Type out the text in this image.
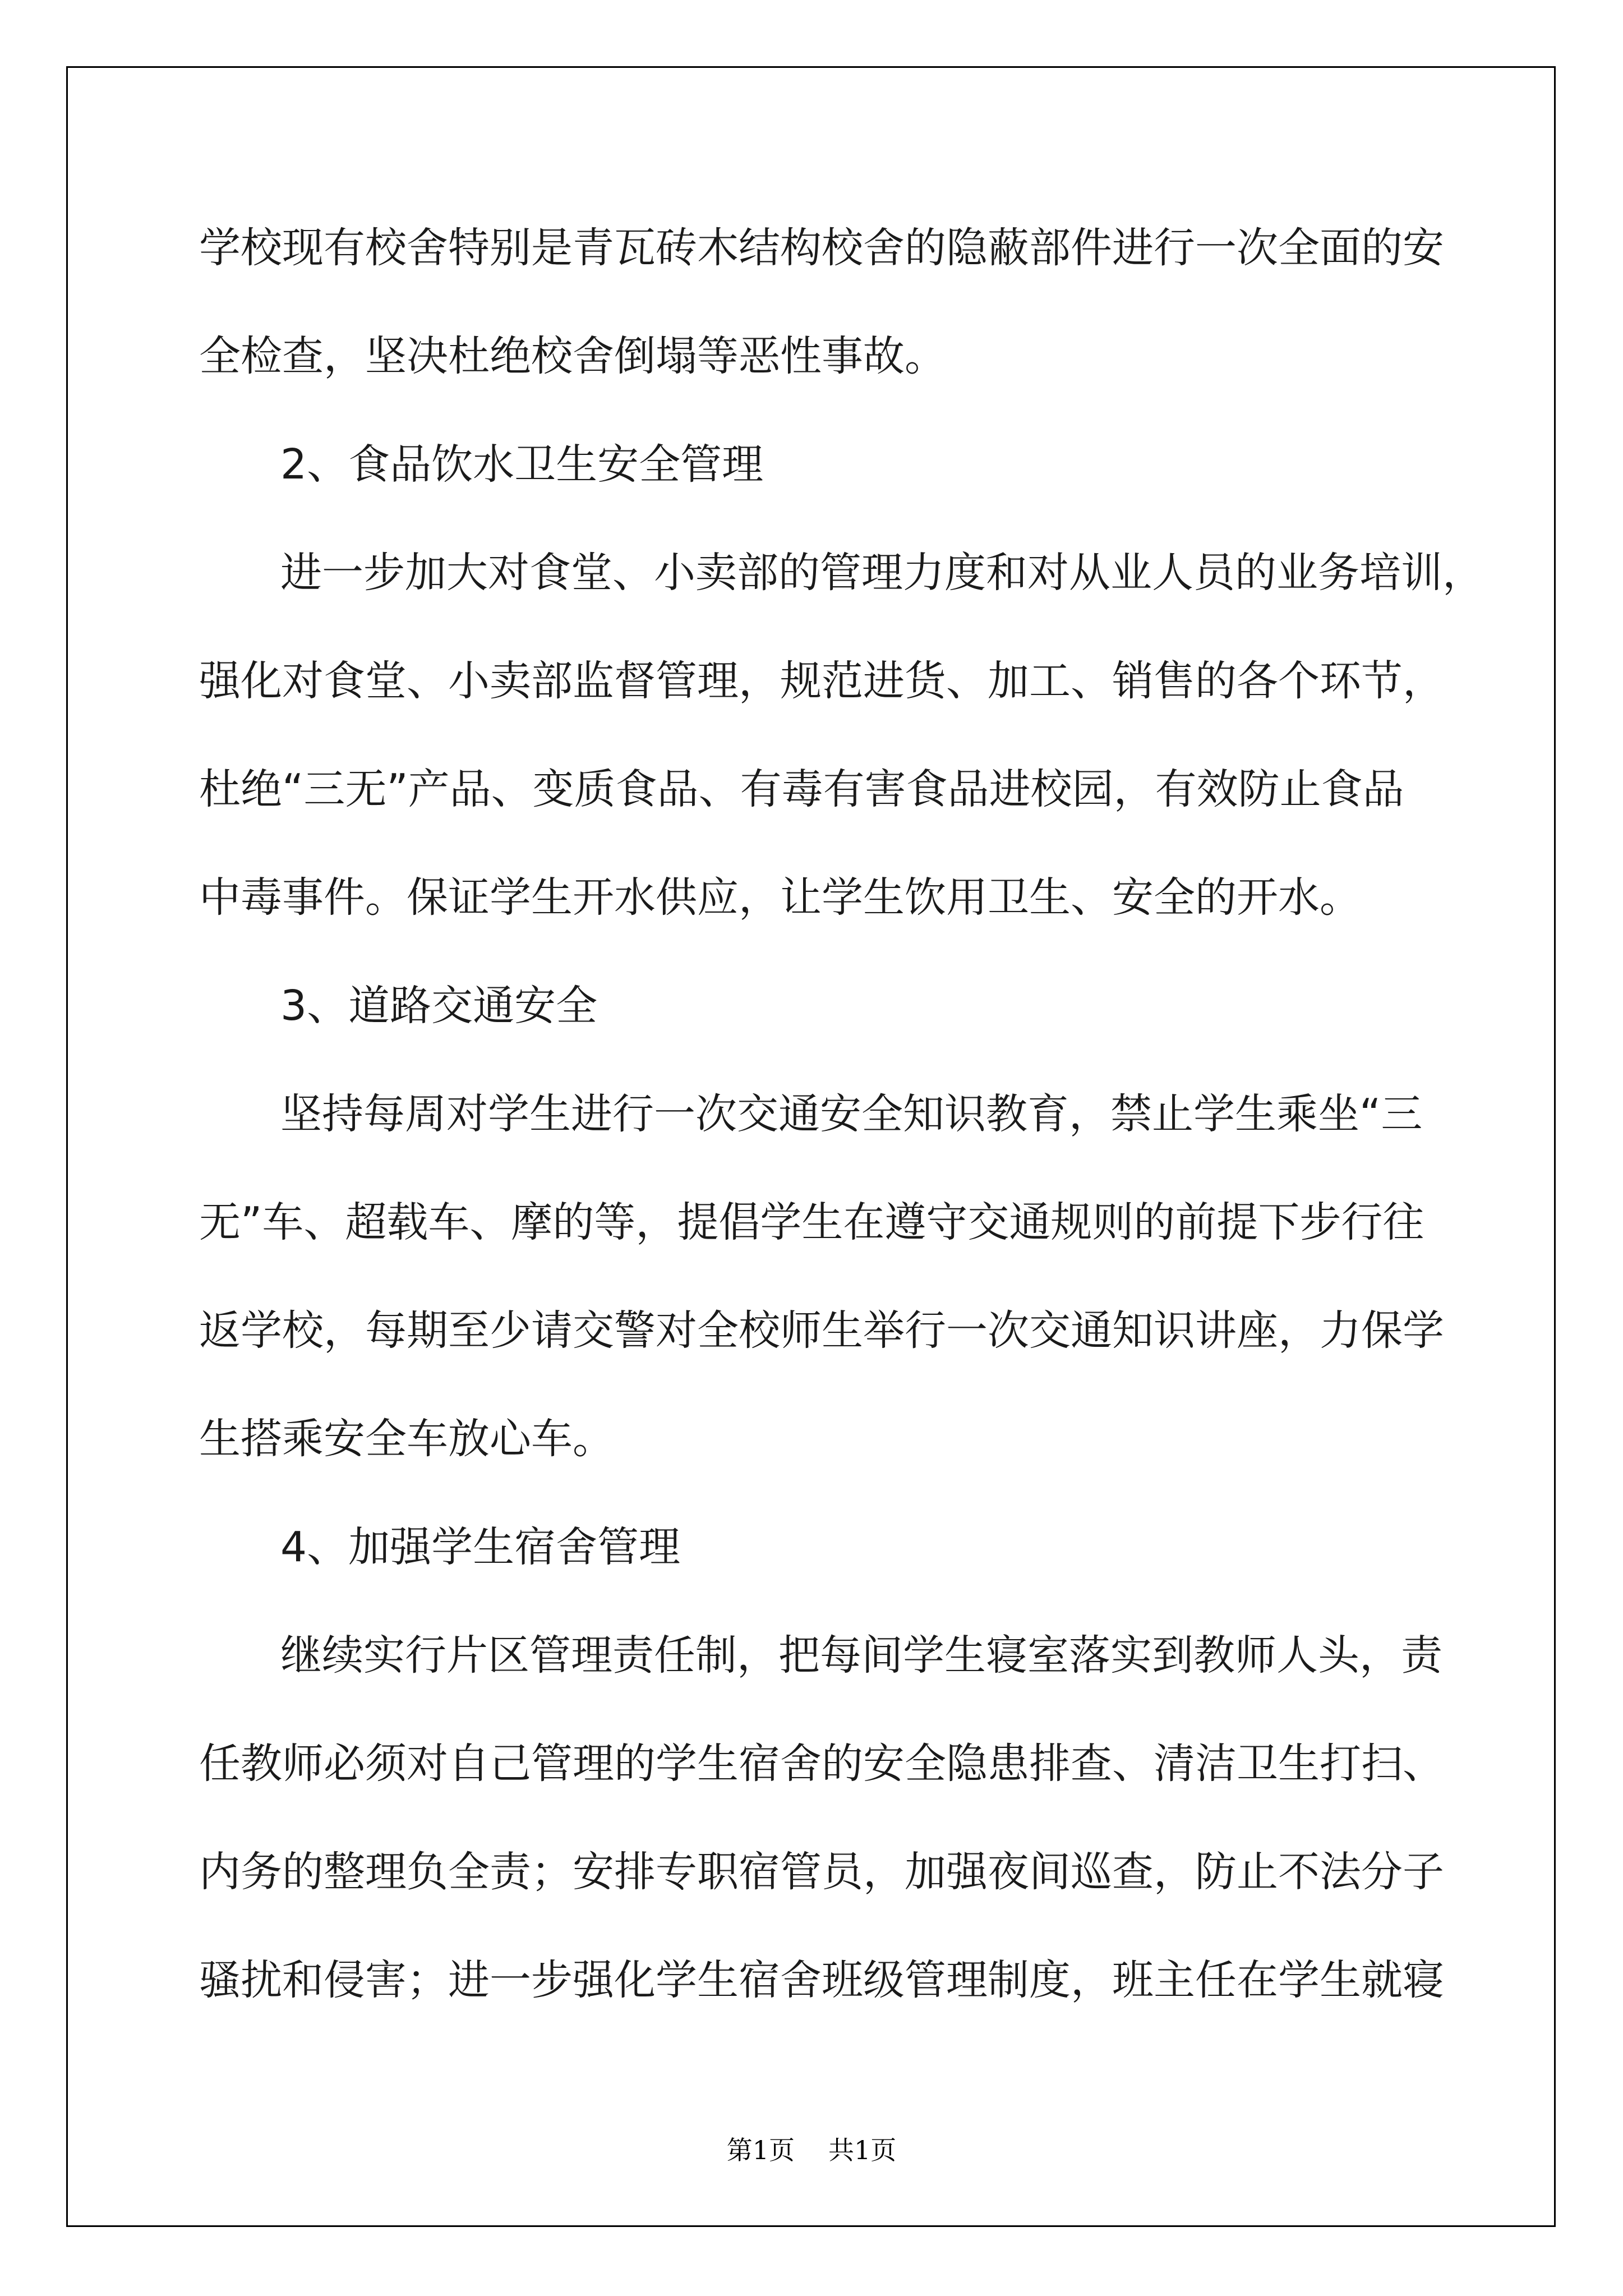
学校现有校舍特别是青瓦砖木结构校舍的隐蔽部件进行一次全面的安

全检查，坚决杜绝校舍倒塌等恶性事故。

2、食品饮水卫生安全管理

进一步加大对食堂、小卖部的管理力度和对从业人员的业务培训，

强化对食堂、小卖部监督管理，规范进货、加工、销售的各个环节，

杜绝“三无”产品、变质食品、有毒有害食品进校园，有效防止食品

中毒事件。保证学生开水供应，让学生饮用卫生、安全的开水。

3、道路交通安全

坚持每周对学生进行一次交通安全知识教育，禁止学生乘坐“三

无”车、超载车、摩的等，提倡学生在遵守交通规则的前提下步行往

返学校，每期至少请交警对全校师生举行一次交通知识讲座，力保学

生搭乘安全车放心车。

4、加强学生宿舍管理

继续实行片区管理责任制，把每间学生寝室落实到教师人头，责

任教师必须对自己管理的学生宿舍的安全隐患排查、清洁卫生打扫、

内务的整理负全责；安排专职宿管员，加强夜间巡查，防止不法分子

骚扰和侵害；进一步强化学生宿舍班级管理制度，班主任在学生就寝

第1页 共1页
